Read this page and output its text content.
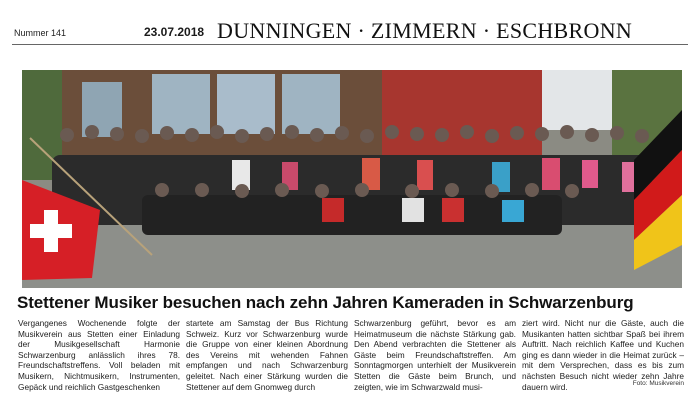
Nummer 141	23.07.2018 DUNNINGEN · ZIMMERN · ESCHBRONN
Stettener Musiker besuchen nach zehn Jahren Kameraden in Schwarzenburg

Vergangenes Wochenende folgte der Musikverein aus Stetten einer Einladung der Musikgesellschaft Harmonie Schwarzenburg anlässlich ihres 78. Freundschaftstreffens. Voll beladen mit Musikern, Nichtmusikern, Instrumenten, Gepäck und reichlich Gastgeschenken

startete am Samstag der Bus Richtung Schweiz. Kurz vor Schwarzenburg wurde die Gruppe von einer kleinen Abordnung des Vereins mit wehenden Fahnen empfangen und nach Schwarzenburg geleitet. Nach einer Stärkung wurden die Stettener auf dem Gnomweg durch

Schwarzenburg geführt, bevor es am Heimatmuseum die nächste Stärkung gab. Den Abend verbrachten die Stettener als Gäste beim Freundschaftstreffen. Am Sonntagmorgen unterhielt der Musikverein Stetten die Gäste beim Brunch, und zeigten, wie im Schwarzwald musi-

ziert wird. Nicht nur die Gäste, auch die Musikanten hatten sichtbar Spaß bei ihrem Auftritt. Nach reichlich Kaffee und Kuchen ging es dann wieder in die Heimat zurück – mit dem Versprechen, dass es bis zum nächsten Besuch nicht wieder zehn Jahre dauern wird.	Foto: Musikverein
